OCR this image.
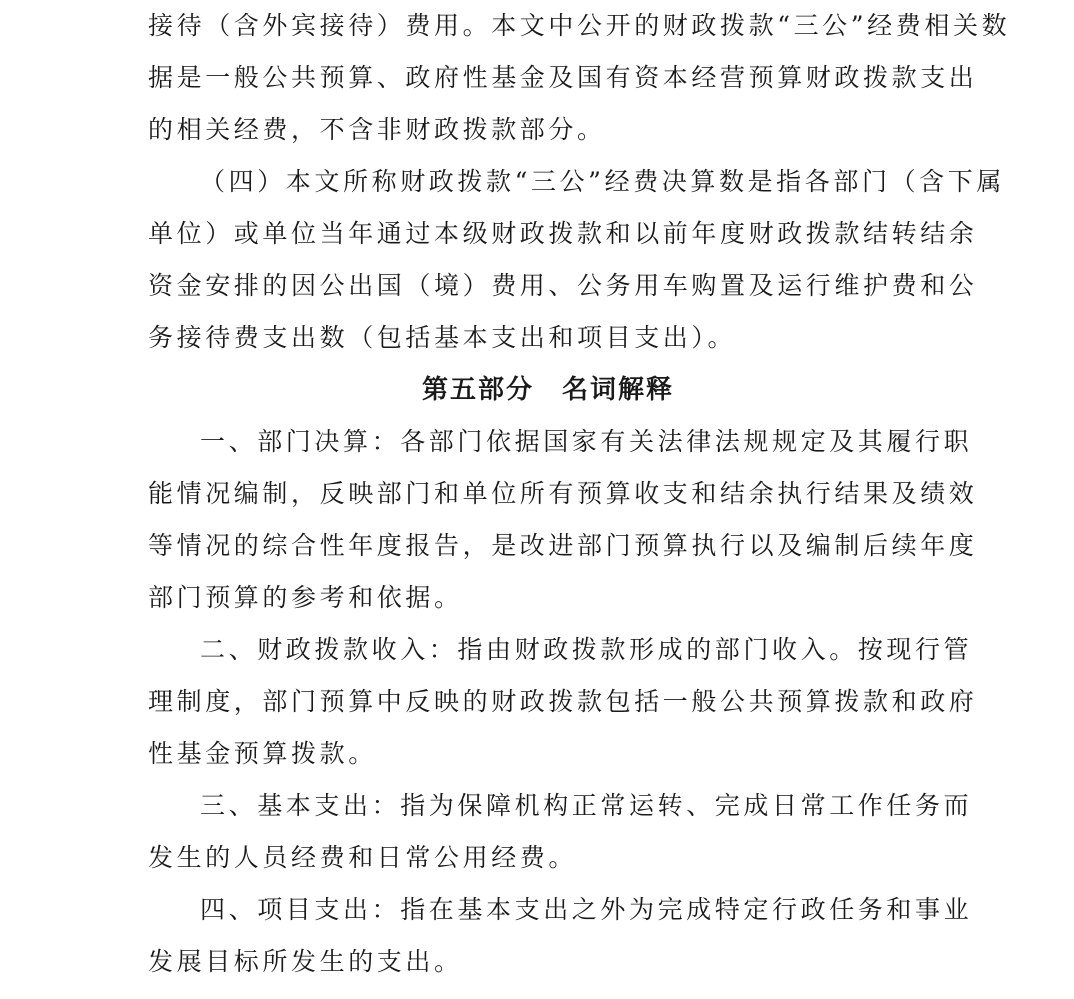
接待（含外宾接待）费用。本文中公开的财政拨款“三公”经费相关数
据是一般公共预算、政府性基金及国有资本经营预算财政拨款支出
的相关经费，不含非财政拨款部分。
（四）本文所称财政拨款“三公”经费决算数是指各部门（含下属
单位）或单位当年通过本级财政拨款和以前年度财政拨款结转结余
资金安排的因公出国（境）费用、公务用车购置及运行维护费和公
务接待费支出数（包括基本支出和项目支出）。
第五部分　名词解释
一、部门决算：各部门依据国家有关法律法规规定及其履行职
能情况编制，反映部门和单位所有预算收支和结余执行结果及绩效
等情况的综合性年度报告，是改进部门预算执行以及编制后续年度
部门预算的参考和依据。
二、财政拨款收入：指由财政拨款形成的部门收入。按现行管
理制度，部门预算中反映的财政拨款包括一般公共预算拨款和政府
性基金预算拨款。
三、基本支出：指为保障机构正常运转、完成日常工作任务而
发生的人员经费和日常公用经费。
四、项目支出：指在基本支出之外为完成特定行政任务和事业
发展目标所发生的支出。
